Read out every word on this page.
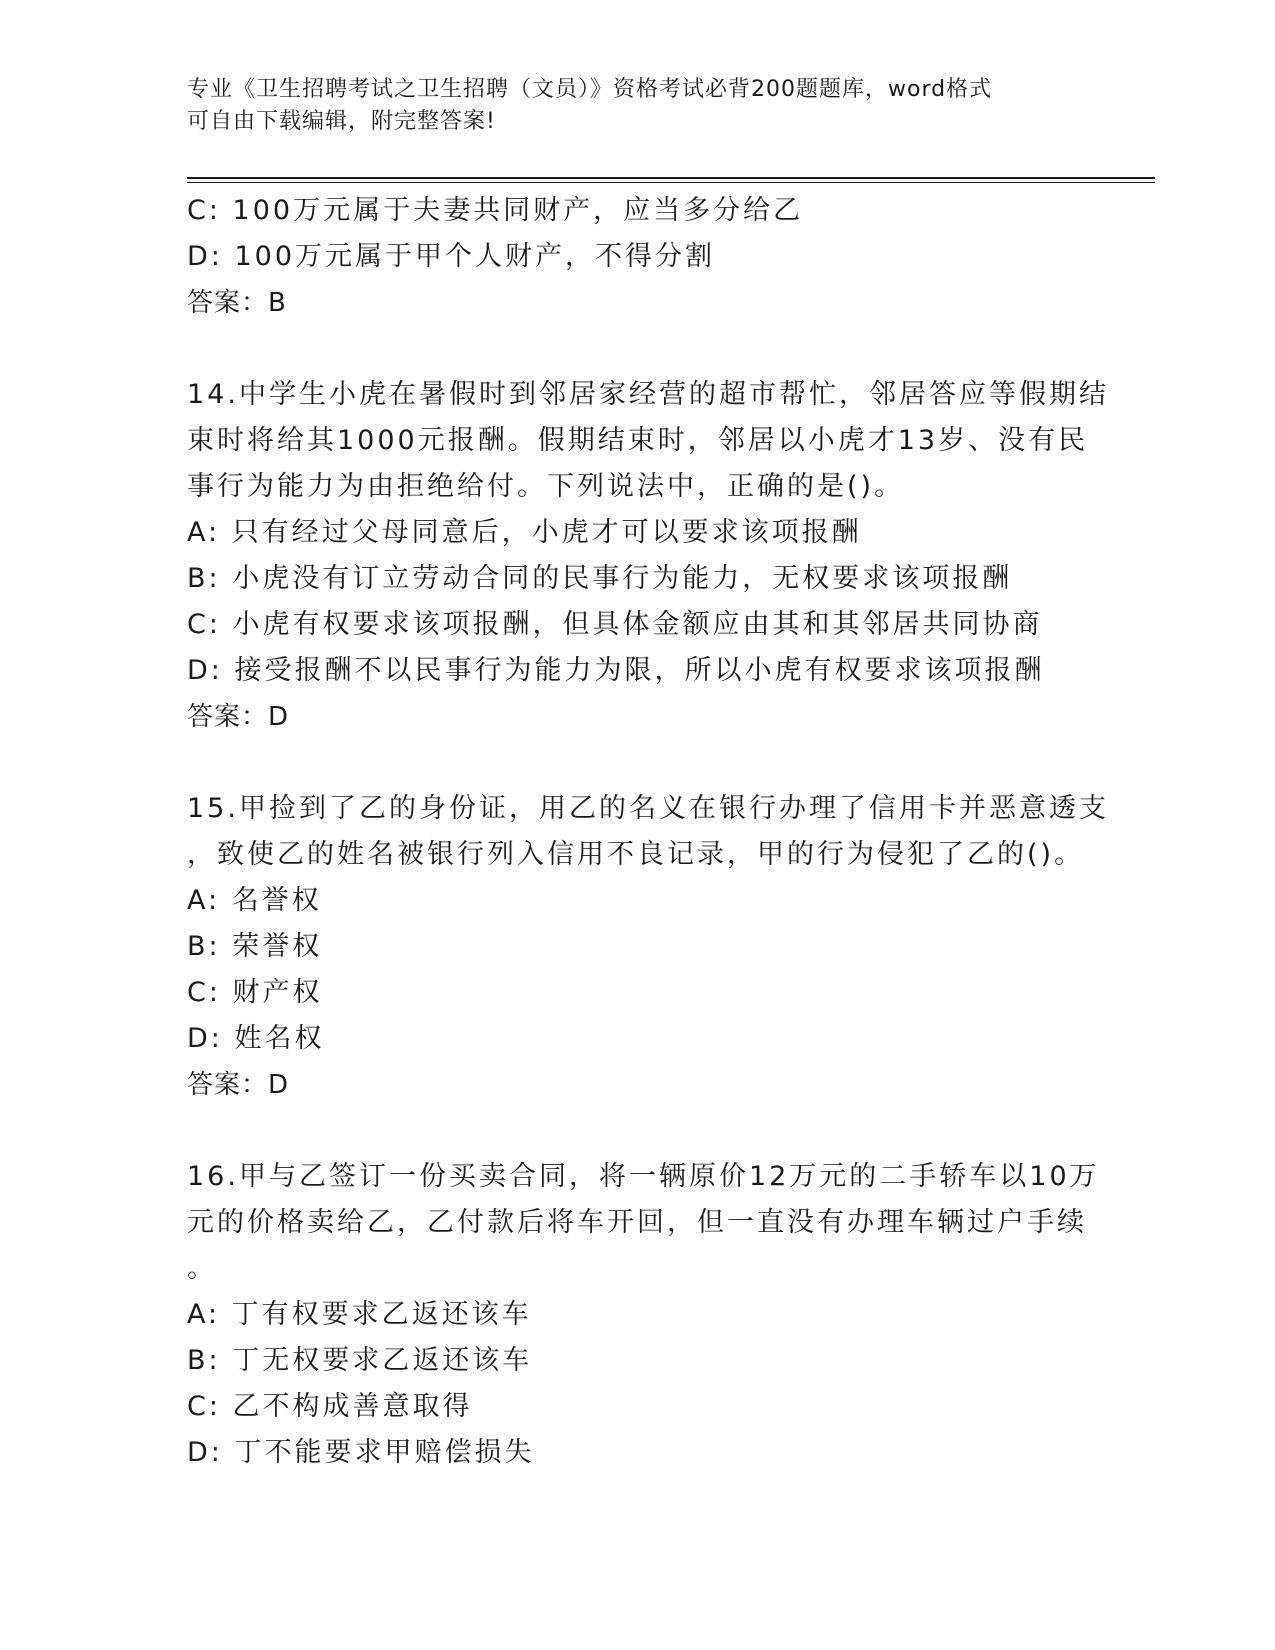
专业《卫生招聘考试之卫生招聘（文员）》资格考试必背200题题库，word格式
可自由下载编辑，附完整答案!
C: 100万元属于夫妻共同财产，应当多分给乙
D: 100万元属于甲个人财产，不得分割
答案：B
14.中学生小虎在暑假时到邻居家经营的超市帮忙，邻居答应等假期结
束时将给其1000元报酬。假期结束时，邻居以小虎才13岁、没有民
事行为能力为由拒绝给付。下列说法中，正确的是()。
A: 只有经过父母同意后，小虎才可以要求该项报酬
B: 小虎没有订立劳动合同的民事行为能力，无权要求该项报酬
C: 小虎有权要求该项报酬，但具体金额应由其和其邻居共同协商
D: 接受报酬不以民事行为能力为限，所以小虎有权要求该项报酬
答案：D
15.甲捡到了乙的身份证，用乙的名义在银行办理了信用卡并恶意透支
，致使乙的姓名被银行列入信用不良记录，甲的行为侵犯了乙的()。
A: 名誉权
B: 荣誉权
C: 财产权
D: 姓名权
答案：D
16.甲与乙签订一份买卖合同，将一辆原价12万元的二手轿车以10万
元的价格卖给乙，乙付款后将车开回，但一直没有办理车辆过户手续
。
A: 丁有权要求乙返还该车
B: 丁无权要求乙返还该车
C: 乙不构成善意取得
D: 丁不能要求甲赔偿损失
